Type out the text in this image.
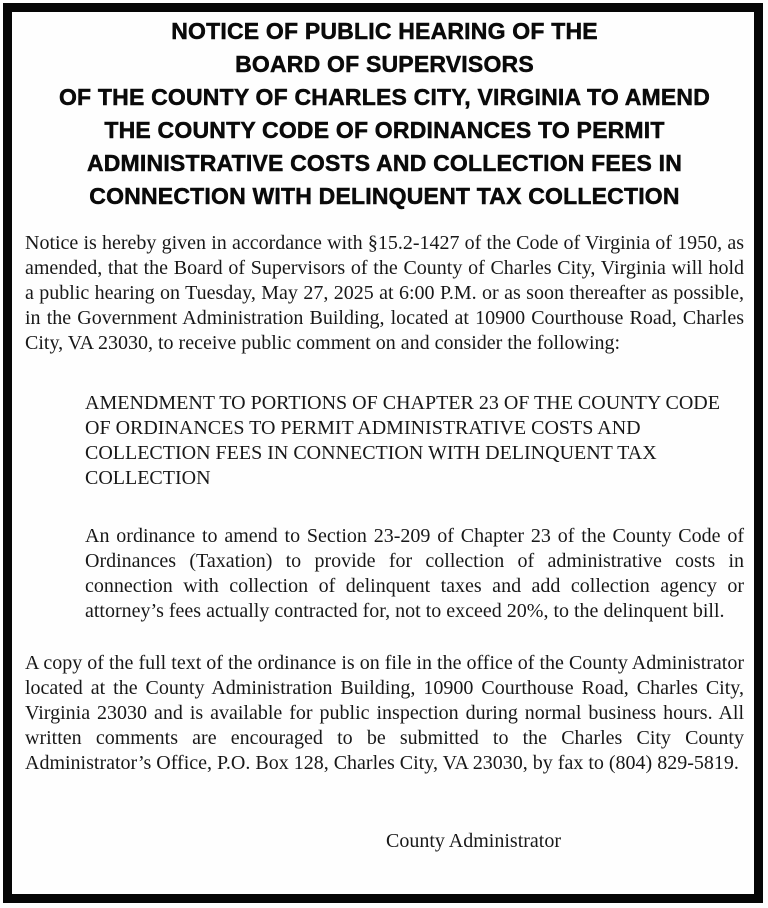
NOTICE OF PUBLIC HEARING OF THE
BOARD OF SUPERVISORS
OF THE COUNTY OF CHARLES CITY, VIRGINIA TO AMEND
THE COUNTY CODE OF ORDINANCES TO PERMIT
ADMINISTRATIVE COSTS AND COLLECTION FEES IN
CONNECTION WITH DELINQUENT TAX COLLECTION
Notice is hereby given in accordance with §15.2-1427 of the Code of Virginia of 1950, as amended, that the Board of Supervisors of the County of Charles City, Virginia will hold a public hearing on Tuesday, May 27, 2025 at 6:00 P.M. or as soon thereafter as possible, in the Government Administration Building, located at 10900 Courthouse Road, Charles City, VA 23030, to receive public comment on and consider the following:
AMENDMENT TO PORTIONS OF CHAPTER 23 OF THE COUNTY CODE OF ORDINANCES TO PERMIT ADMINISTRATIVE COSTS AND COLLECTION FEES IN CONNECTION WITH DELINQUENT TAX COLLECTION
An ordinance to amend to Section 23-209 of Chapter 23 of the County Code of Ordinances (Taxation) to provide for collection of administrative costs in connection with collection of delinquent taxes and add collection agency or attorney’s fees actually contracted for, not to exceed 20%, to the delinquent bill.
A copy of the full text of the ordinance is on file in the office of the County Administrator located at the County Administration Building, 10900 Courthouse Road, Charles City, Virginia 23030 and is available for public inspection during normal business hours. All written comments are encouraged to be submitted to the Charles City County Administrator’s Office, P.O. Box 128, Charles City, VA 23030, by fax to (804) 829-5819.
County Administrator
